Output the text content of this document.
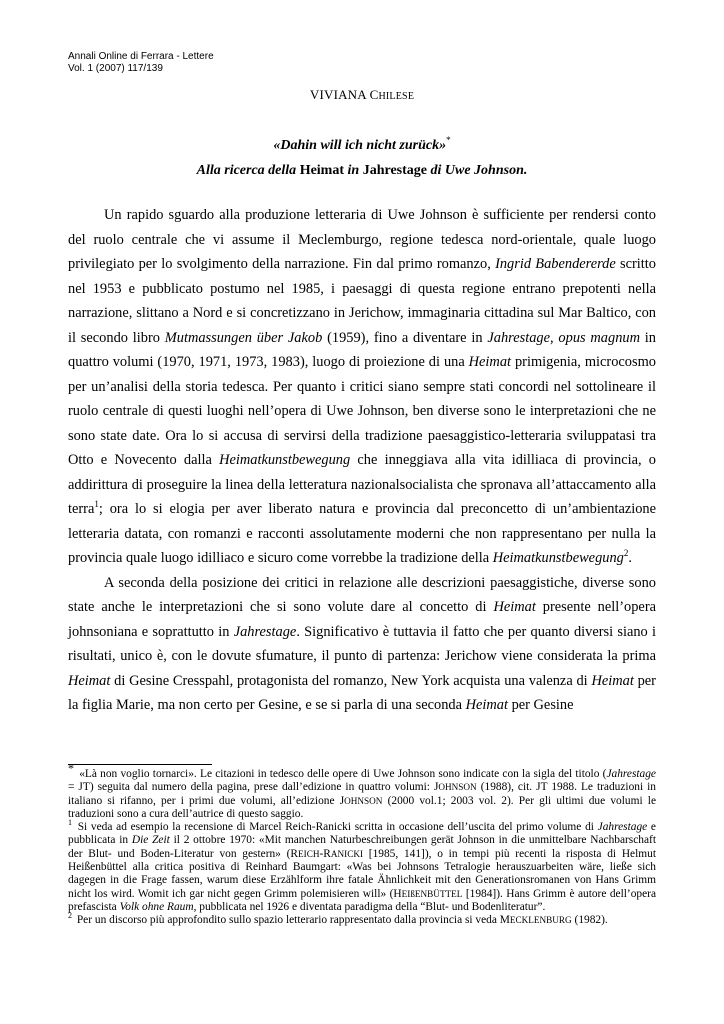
Annali Online di Ferrara - Lettere
Vol. 1 (2007) 117/139
VIVIANA CHILESE
«Dahin will ich nicht zurück»*
Alla ricerca della Heimat in Jahrestage di Uwe Johnson.

Un rapido sguardo alla produzione letteraria di Uwe Johnson è sufficiente per rendersi conto del ruolo centrale che vi assume il Meclemburgo, regione tedesca nord-orientale, quale luogo privilegiato per lo svolgimento della narrazione. Fin dal primo romanzo, Ingrid Babendererde scritto nel 1953 e pubblicato postumo nel 1985, i paesaggi di questa regione entrano prepotenti nella narrazione, slittano a Nord e si concretizzano in Jerichow, immaginaria cittadina sul Mar Baltico, con il secondo libro Mutmassungen über Jakob (1959), fino a diventare in Jahrestage, opus magnum in quattro volumi (1970, 1971, 1973, 1983), luogo di proiezione di una Heimat primigenia, microcosmo per un’analisi della storia tedesca. Per quanto i critici siano sempre stati concordi nel sottolineare il ruolo centrale di questi luoghi nell’opera di Uwe Johnson, ben diverse sono le interpretazioni che ne sono state date. Ora lo si accusa di servirsi della tradizione paesaggistico-letteraria sviluppatasi tra Otto e Novecento dalla Heimatkunstbewegung che inneggiava alla vita idilliaca di provincia, o addirittura di proseguire la linea della letteratura nazionalsocialista che spronava all’attaccamento alla terra$^1$; ora lo si elogia per aver liberato natura e provincia dal preconcetto di un’ambientazione letteraria datata, con romanzi e racconti assolutamente moderni che non rappresentano per nulla la provincia quale luogo idilliaco e sicuro come vorrebbe la tradizione della Heimatkunstbewegung$^2$.

A seconda della posizione dei critici in relazione alle descrizioni paesaggistiche, diverse sono state anche le interpretazioni che si sono volute dare al concetto di Heimat presente nell’opera johnsoniana e soprattutto in Jahrestage. Significativo è tuttavia il fatto che per quanto diversi siano i risultati, unico è, con le dovute sfumature, il punto di partenza: Jerichow viene considerata la prima Heimat di Gesine Cresspahl, protagonista del romanzo, New York acquista una valenza di Heimat per la figlia Marie, ma non certo per Gesine, e se si parla di una seconda Heimat per Gesine

* «Là non voglio tornarci». Le citazioni in tedesco delle opere di Uwe Johnson sono indicate con la sigla del titolo (Jahrestage = JT) seguita dal numero della pagina, prese dall’edizione in quattro volumi: JOHNSON (1988), cit. JT 1988. Le traduzioni in italiano si rifanno, per i primi due volumi, all’edizione JOHNSON (2000 vol.1; 2003 vol. 2). Per gli ultimi due volumi le traduzioni sono a cura dell’autrice di questo saggio.

$^1$ Si veda ad esempio la recensione di Marcel Reich-Ranicki scritta in occasione dell’uscita del primo volume di Jahrestage e pubblicata in Die Zeit il 2 ottobre 1970: «Mit manchen Naturbeschreibungen gerät Johnson in die unmittelbare Nachbarschaft der Blut- und Boden-Literatur von gestern» (REICH-RANICKI [1985, 141]), o in tempi più recenti la risposta di Helmut Heißenbüttel alla critica positiva di Reinhard Baumgart: «Was bei Johnsons Tetralogie herauszuarbeiten wäre, ließe sich dagegen in die Frage fassen, warum diese Erzählform ihre fatale Ähnlichkeit mit den Generationsromanen von Hans Grimm nicht los wird. Womit ich gar nicht gegen Grimm polemisieren will» (HEIßENBÜTTEL [1984]). Hans Grimm è autore dell’opera prefascista Volk ohne Raum, pubblicata nel 1926 e diventata paradigma della “Blut- und Bodenliteratur”.

$^2$ Per un discorso più approfondito sullo spazio letterario rappresentato dalla provincia si veda MECKLENBURG (1982).
